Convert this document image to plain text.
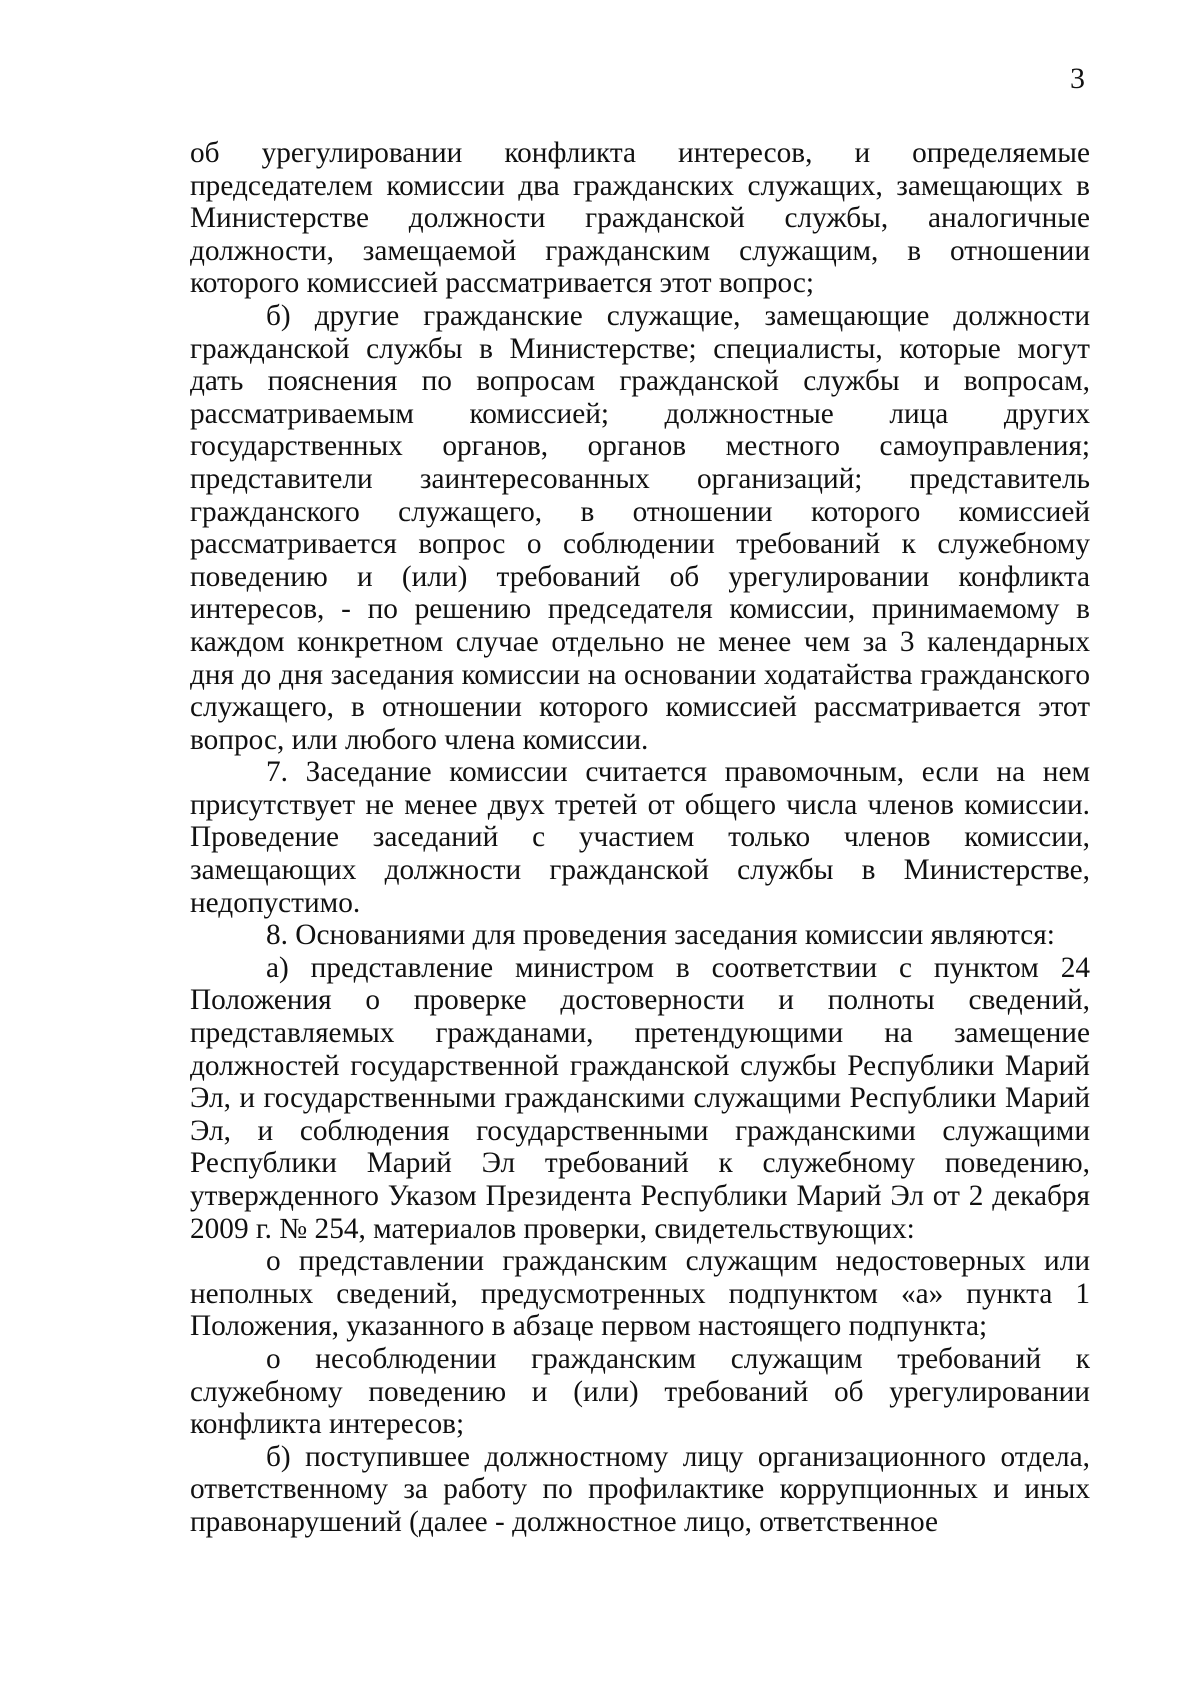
3

об урегулировании конфликта интересов, и определяемые председателем комиссии два гражданских служащих, замещающих в Министерстве должности гражданской службы, аналогичные должности, замещаемой гражданским служащим, в отношении которого комиссией рассматривается этот вопрос;

б) другие гражданские служащие, замещающие должности гражданской службы в Министерстве; специалисты, которые могут дать пояснения по вопросам гражданской службы и вопросам, рассматриваемым комиссией; должностные лица других государственных органов, органов местного самоуправления; представители заинтересованных организаций; представитель гражданского служащего, в отношении которого комиссией рассматривается вопрос о соблюдении требований к служебному поведению и (или) требований об урегулировании конфликта интересов, - по решению председателя комиссии, принимаемому в каждом конкретном случае отдельно не менее чем за 3 календарных дня до дня заседания комиссии на основании ходатайства гражданского служащего, в отношении которого комиссией рассматривается этот вопрос, или любого члена комиссии.

7. Заседание комиссии считается правомочным, если на нем присутствует не менее двух третей от общего числа членов комиссии. Проведение заседаний с участием только членов комиссии, замещающих должности гражданской службы в Министерстве, недопустимо.

8. Основаниями для проведения заседания комиссии являются:

а) представление министром в соответствии с пунктом 24 Положения о проверке достоверности и полноты сведений, представляемых гражданами, претендующими на замещение должностей государственной гражданской службы Республики Марий Эл, и государственными гражданскими служащими Республики Марий Эл, и соблюдения государственными гражданскими служащими Республики Марий Эл требований к служебному поведению, утвержденного Указом Президента Республики Марий Эл от 2 декабря 2009 г. № 254, материалов проверки, свидетельствующих:

о представлении гражданским служащим недостоверных или неполных сведений, предусмотренных подпунктом «а» пункта 1 Положения, указанного в абзаце первом настоящего подпункта;

о несоблюдении гражданским служащим требований к служебному поведению и (или) требований об урегулировании конфликта интересов;

б) поступившее должностному лицу организационного отдела, ответственному за работу по профилактике коррупционных и иных правонарушений (далее - должностное лицо, ответственное
